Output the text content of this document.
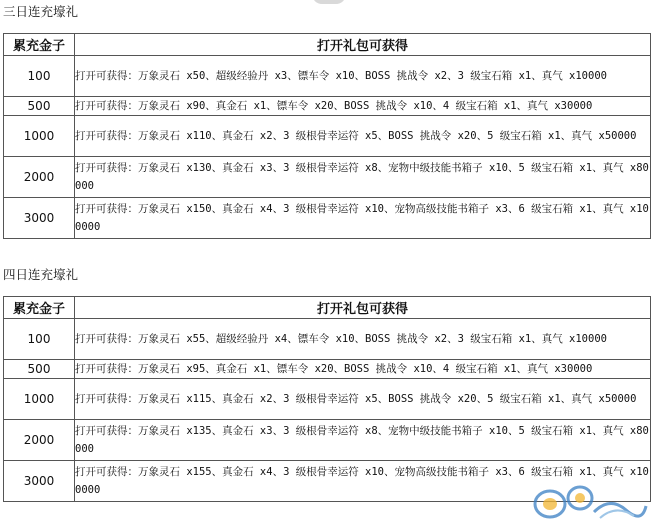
三日连充壕礼
累充金子	打开礼包可获得
100	打开可获得：万象灵石 x50、超级经验丹 x3、镖车令 x10、BOSS 挑战令 x2、3 级宝石箱 x1、真气 x10000
500	打开可获得：万象灵石 x90、真金石 x1、镖车令 x20、BOSS 挑战令 x10、4 级宝石箱 x1、真气 x30000
1000	打开可获得：万象灵石 x110、真金石 x2、3 级根骨幸运符 x5、BOSS 挑战令 x20、5 级宝石箱 x1、真气 x50000
2000	打开可获得：万象灵石 x130、真金石 x3、3 级根骨幸运符 x8、宠物中级技能书箱子 x10、5 级宝石箱 x1、真气 x80000
3000	打开可获得：万象灵石 x150、真金石 x4、3 级根骨幸运符 x10、宠物高级技能书箱子 x3、6 级宝石箱 x1、真气 x100000
四日连充壕礼
累充金子	打开礼包可获得
100	打开可获得：万象灵石 x55、超级经验丹 x4、镖车令 x10、BOSS 挑战令 x2、3 级宝石箱 x1、真气 x10000
500	打开可获得：万象灵石 x95、真金石 x1、镖车令 x20、BOSS 挑战令 x10、4 级宝石箱 x1、真气 x30000
1000	打开可获得：万象灵石 x115、真金石 x2、3 级根骨幸运符 x5、BOSS 挑战令 x20、5 级宝石箱 x1、真气 x50000
2000	打开可获得：万象灵石 x135、真金石 x3、3 级根骨幸运符 x8、宠物中级技能书箱子 x10、5 级宝石箱 x1、真气 x80000
3000	打开可获得：万象灵石 x155、真金石 x4、3 级根骨幸运符 x10、宠物高级技能书箱子 x3、6 级宝石箱 x1、真气 x100000
